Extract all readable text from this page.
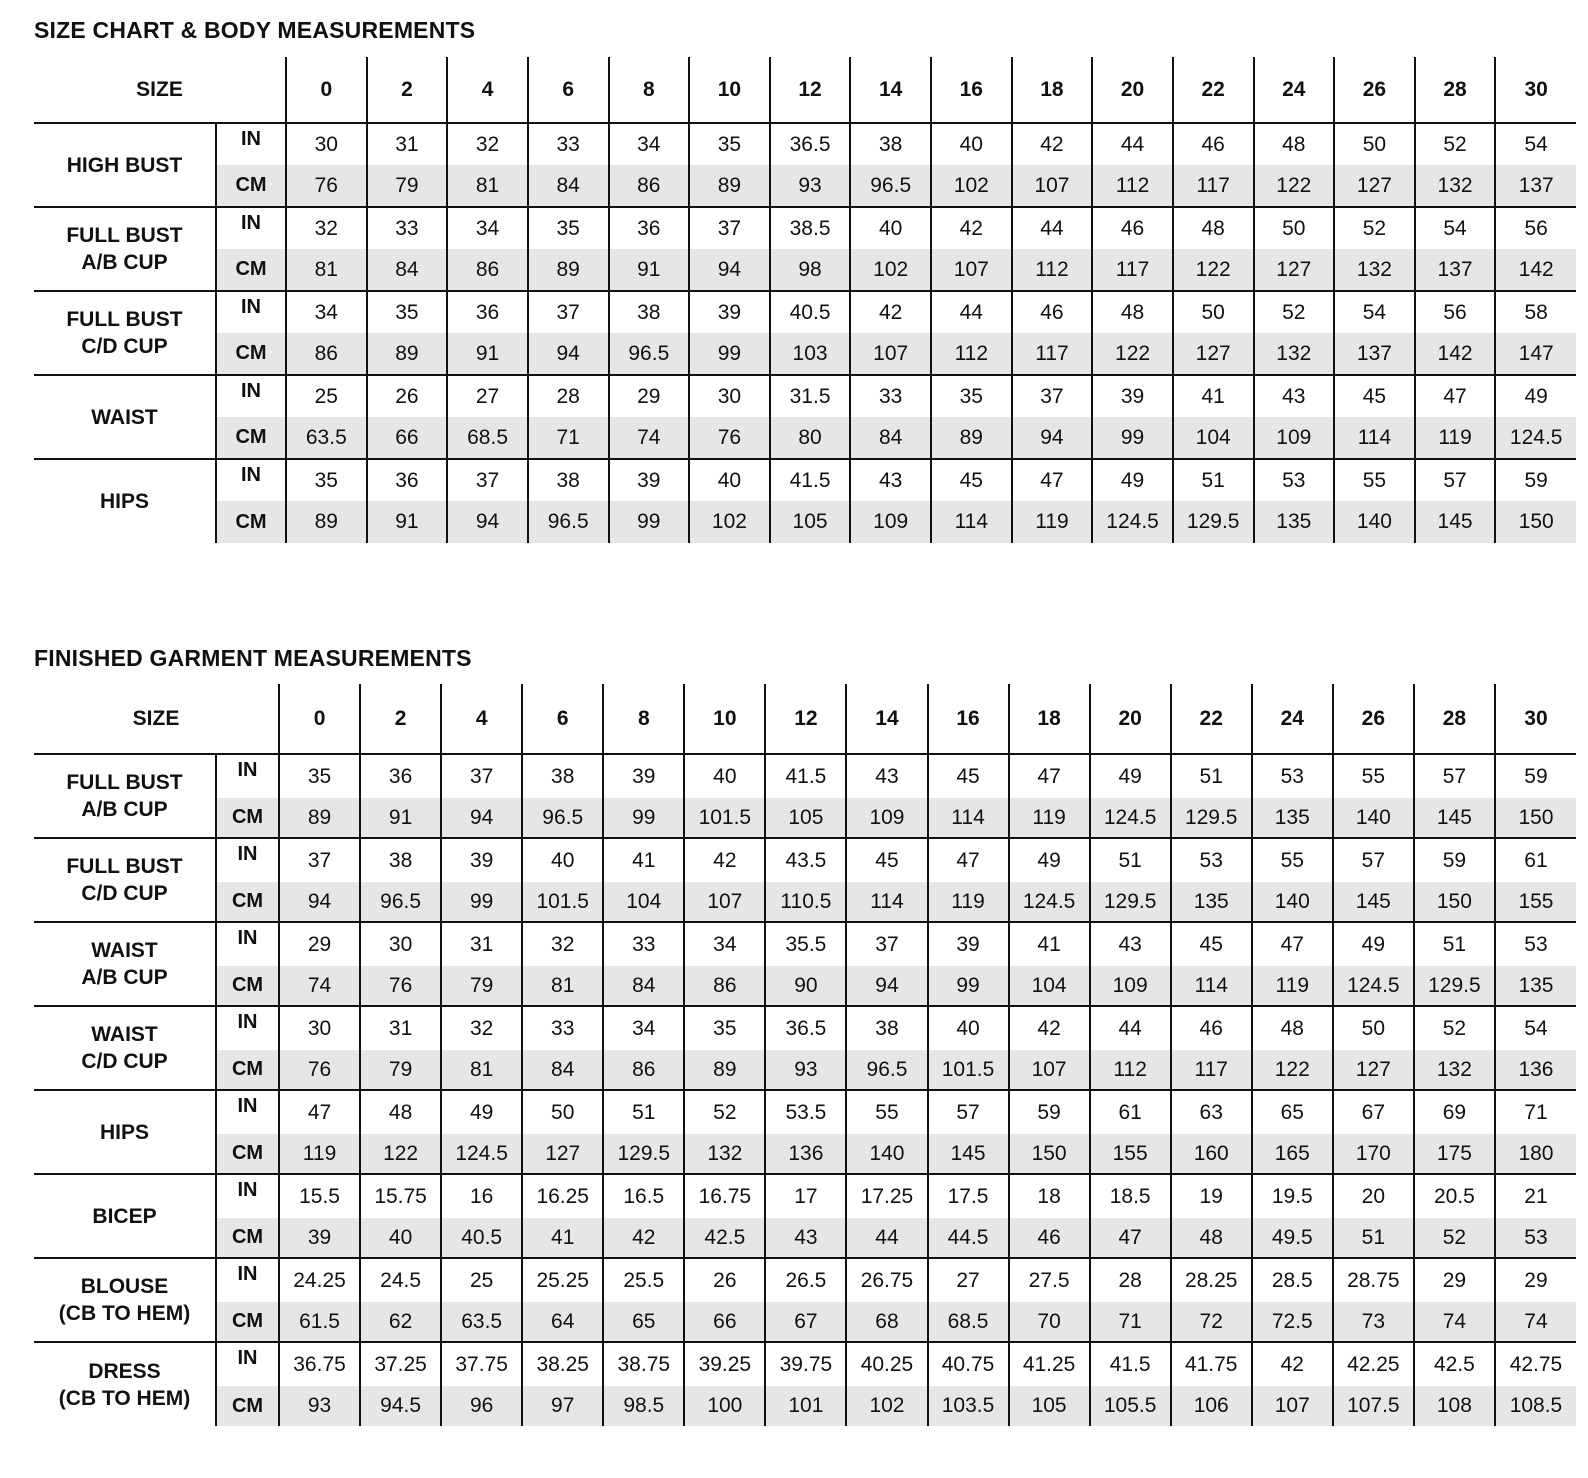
SIZE CHART & BODY MEASUREMENTS
SIZE		0	2	4	6	8	10	12	14	16	18	20	22	24	26	28	30

HIGH BUST	IN	30	31	32	33	34	35	36.5	38	40	42	44	46	48	50	52	54
	CM	76	79	81	84	86	89	93	96.5	102	107	112	117	122	127	132	137

FULL BUST
A/B CUP	IN	32	33	34	35	36	37	38.5	40	42	44	46	48	50	52	54	56
	CM	81	84	86	89	91	94	98	102	107	112	117	122	127	132	137	142

FULL BUST
C/D CUP	IN	34	35	36	37	38	39	40.5	42	44	46	48	50	52	54	56	58
	CM	86	89	91	94	96.5	99	103	107	112	117	122	127	132	137	142	147

WAIST	IN	25	26	27	28	29	30	31.5	33	35	37	39	41	43	45	47	49
	CM	63.5	66	68.5	71	74	76	80	84	89	94	99	104	109	114	119	124.5

HIPS	IN	35	36	37	38	39	40	41.5	43	45	47	49	51	53	55	57	59
	CM	89	91	94	96.5	99	102	105	109	114	119	124.5	129.5	135	140	145	150
FINISHED GARMENT MEASUREMENTS
SIZE		0	2	4	6	8	10	12	14	16	18	20	22	24	26	28	30

FULL BUST
A/B CUP	IN	35	36	37	38	39	40	41.5	43	45	47	49	51	53	55	57	59
	CM	89	91	94	96.5	99	101.5	105	109	114	119	124.5	129.5	135	140	145	150

FULL BUST
C/D CUP	IN	37	38	39	40	41	42	43.5	45	47	49	51	53	55	57	59	61
	CM	94	96.5	99	101.5	104	107	110.5	114	119	124.5	129.5	135	140	145	150	155

WAIST
A/B CUP	IN	29	30	31	32	33	34	35.5	37	39	41	43	45	47	49	51	53
	CM	74	76	79	81	84	86	90	94	99	104	109	114	119	124.5	129.5	135

WAIST
C/D CUP	IN	30	31	32	33	34	35	36.5	38	40	42	44	46	48	50	52	54
	CM	76	79	81	84	86	89	93	96.5	101.5	107	112	117	122	127	132	136

HIPS	IN	47	48	49	50	51	52	53.5	55	57	59	61	63	65	67	69	71
	CM	119	122	124.5	127	129.5	132	136	140	145	150	155	160	165	170	175	180

BICEP	IN	15.5	15.75	16	16.25	16.5	16.75	17	17.25	17.5	18	18.5	19	19.5	20	20.5	21
	CM	39	40	40.5	41	42	42.5	43	44	44.5	46	47	48	49.5	51	52	53

BLOUSE
(CB TO HEM)	IN	24.25	24.5	25	25.25	25.5	26	26.5	26.75	27	27.5	28	28.25	28.5	28.75	29	29
	CM	61.5	62	63.5	64	65	66	67	68	68.5	70	71	72	72.5	73	74	74

DRESS
(CB TO HEM)	IN	36.75	37.25	37.75	38.25	38.75	39.25	39.75	40.25	40.75	41.25	41.5	41.75	42	42.25	42.5	42.75
	CM	93	94.5	96	97	98.5	100	101	102	103.5	105	105.5	106	107	107.5	108	108.5
